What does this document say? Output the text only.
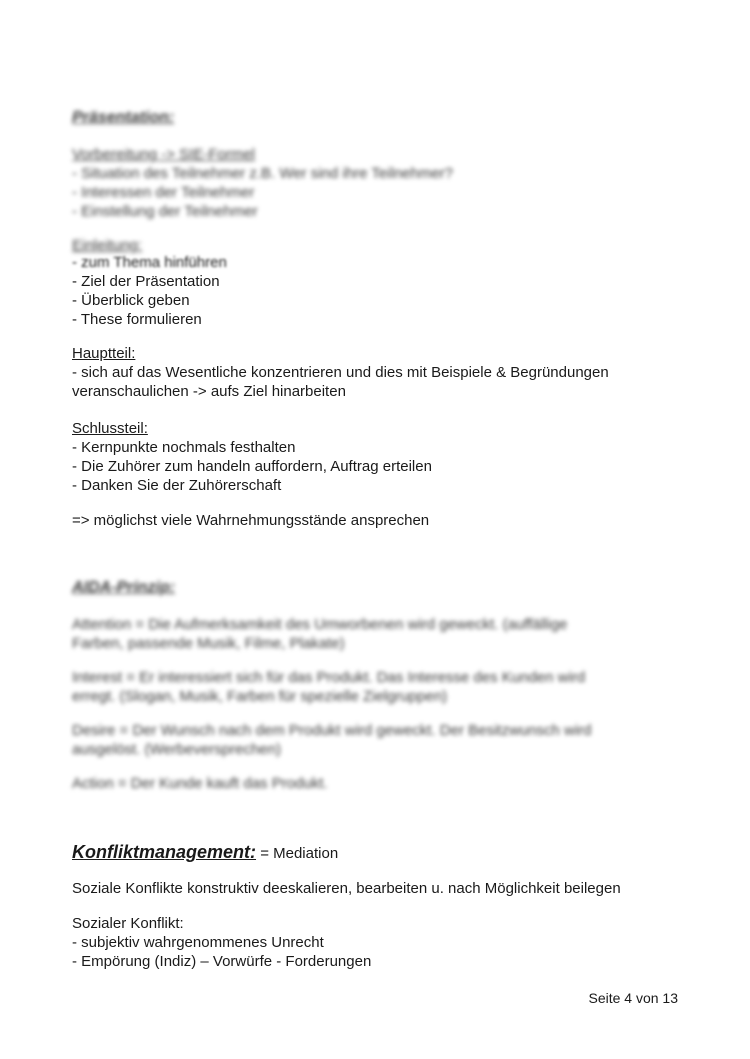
Präsentation:
Vorbereitung -> SIE-Formel
- Situation des Teilnehmer z.B. Wer sind ihre Teilnehmer?
- Interessen der Teilnehmer
- Einstellung der Teilnehmer
Einleitung:
- zum Thema hinführen
- Ziel der Präsentation
- Überblick geben
- These formulieren
Hauptteil:
- sich auf das Wesentliche konzentrieren und dies mit Beispiele & Begründungen
veranschaulichen -> aufs Ziel hinarbeiten
Schlussteil:
- Kernpunkte nochmals festhalten
- Die Zuhörer zum handeln auffordern, Auftrag erteilen
- Danken Sie der Zuhörerschaft
=> möglichst viele Wahrnehmungsstände ansprechen
AIDA-Prinzip:
Attention = Die Aufmerksamkeit des Umworbenen wird geweckt. (auffällige
Farben, passende Musik, Filme, Plakate)
Interest = Er interessiert sich für das Produkt. Das Interesse des Kunden wird
erregt. (Slogan, Musik, Farben für spezielle Zielgruppen)
Desire = Der Wunsch nach dem Produkt wird geweckt. Der Besitzwunsch wird
ausgelöst. (Werbeversprechen)
Action = Der Kunde kauft das Produkt.
Konfliktmanagement: = Mediation
Soziale Konflikte konstruktiv deeskalieren, bearbeiten u. nach Möglichkeit beilegen
Sozialer Konflikt:
- subjektiv wahrgenommenes Unrecht
- Empörung (Indiz) – Vorwürfe - Forderungen
Seite 4 von 13
